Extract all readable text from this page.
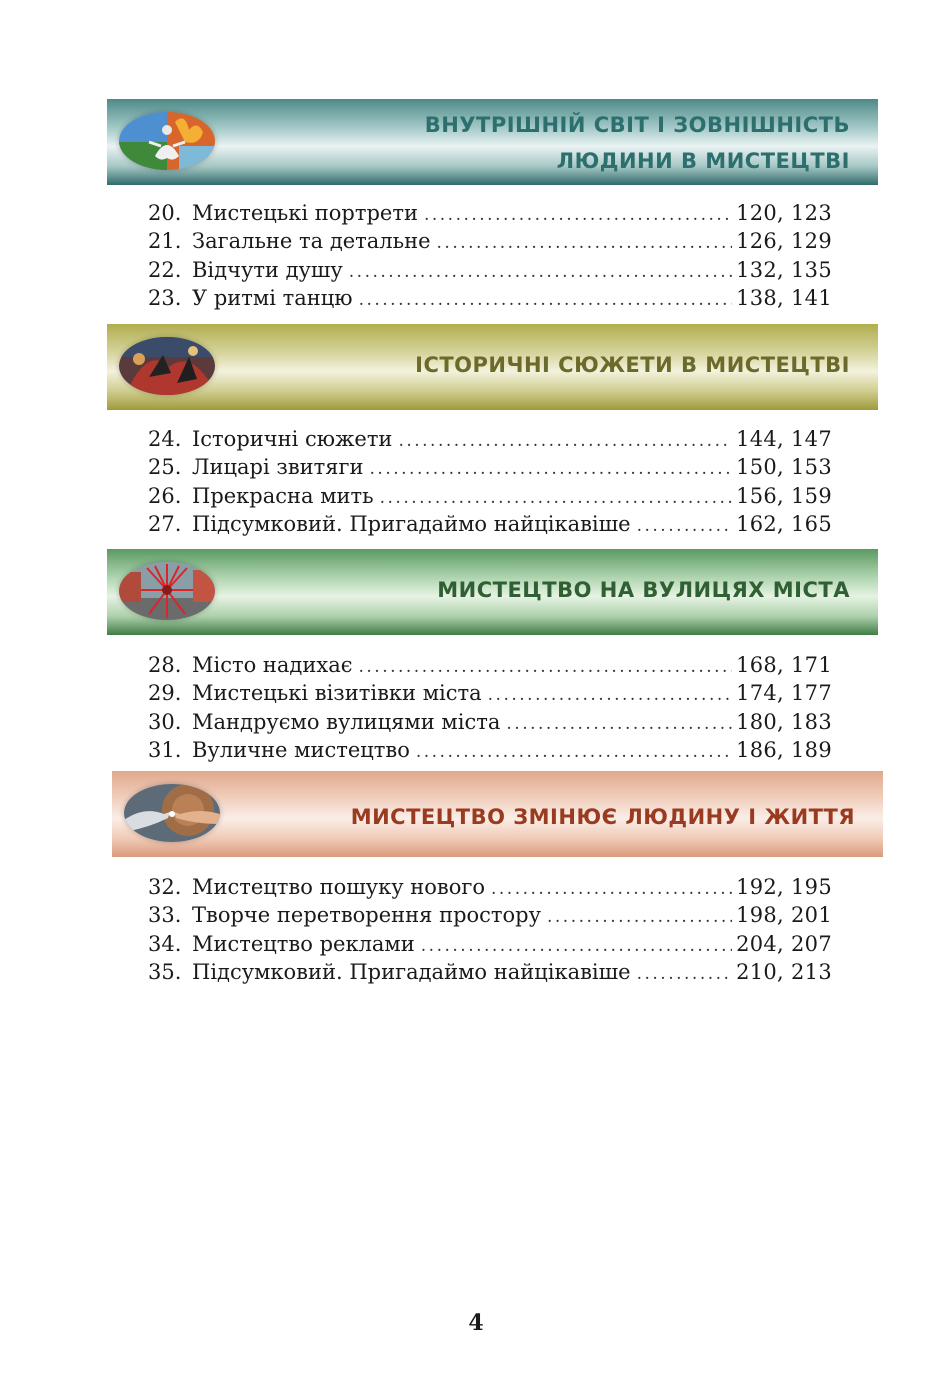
ВНУТРІШНІЙ СВІТ І ЗОВНІШНІСТЬ
ЛЮДИНИ В МИСТЕЦТВІ
20. Мистецькі портрети .....	120, 123
21. Загальне та детальне .....	126, 129
22. Відчути душу .....	132, 135
23. У ритмі танцю .....	138, 141
ІСТОРИЧНІ СЮЖЕТИ В МИСТЕЦТВІ
24. Історичні сюжети .....	144, 147
25. Лицарі звитяги .....	150, 153
26. Прекрасна мить .....	156, 159
27. Підсумковий. Пригадаймо найцікавіше .....	162, 165
МИСТЕЦТВО НА ВУЛИЦЯХ МІСТА
28. Місто надихає .....	168, 171
29. Мистецькі візитівки міста .....	174, 177
30. Мандруємо вулицями міста .....	180, 183
31. Вуличне мистецтво .....	186, 189
МИСТЕЦТВО ЗМІНЮЄ ЛЮДИНУ І ЖИТТЯ
32. Мистецтво пошуку нового .....	192, 195
33. Творче перетворення простору .....	198, 201
34. Мистецтво реклами .....	204, 207
35. Підсумковий. Пригадаймо найцікавіше .....	210, 213
4
